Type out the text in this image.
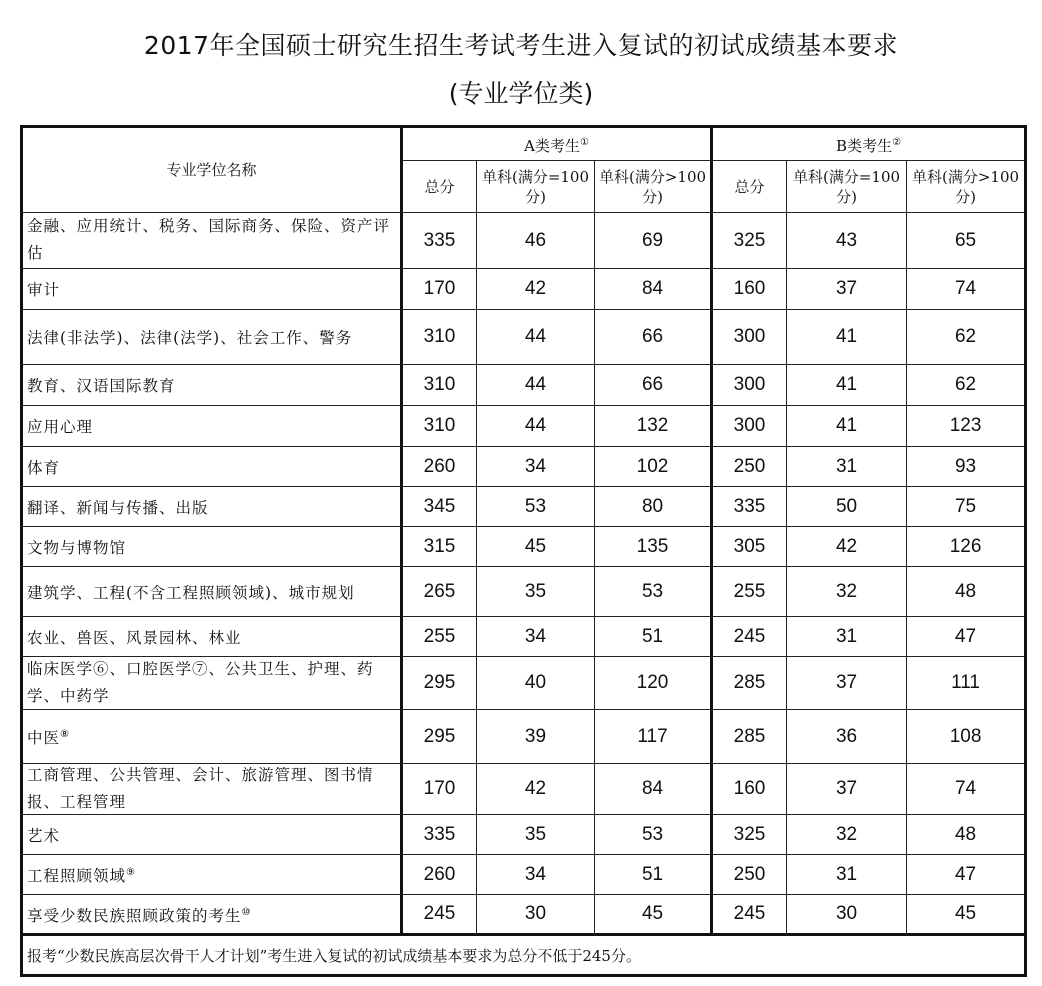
2017年全国硕士研究生招生考试考生进入复试的初试成绩基本要求
(专业学位类)
专业学位名称	A类考生①			B类考生②
	总分	单科(满分=100分)	单科(满分>100分)	总分	单科(满分=100分)	单科(满分>100分)
金融、应用统计、税务、国际商务、保险、资产评估	335	46	69	325	43	65
审计	170	42	84	160	37	74
法律(非法学)、法律(法学)、社会工作、警务	310	44	66	300	41	62
教育、汉语国际教育	310	44	66	300	41	62
应用心理	310	44	132	300	41	123
体育	260	34	102	250	31	93
翻译、新闻与传播、出版	345	53	80	335	50	75
文物与博物馆	315	45	135	305	42	126
建筑学、工程(不含工程照顾领域)、城市规划	265	35	53	255	32	48
农业、兽医、风景园林、林业	255	34	51	245	31	47
临床医学⑥、口腔医学⑦、公共卫生、护理、药学、中药学	295	40	120	285	37	111
中医⑧	295	39	117	285	36	108
工商管理、公共管理、会计、旅游管理、图书情报、工程管理	170	42	84	160	37	74
艺术	335	35	53	325	32	48
工程照顾领域⑨	260	34	51	250	31	47
享受少数民族照顾政策的考生⑩	245	30	45	245	30	45
报考“少数民族高层次骨干人才计划”考生进入复试的初试成绩基本要求为总分不低于245分。						
